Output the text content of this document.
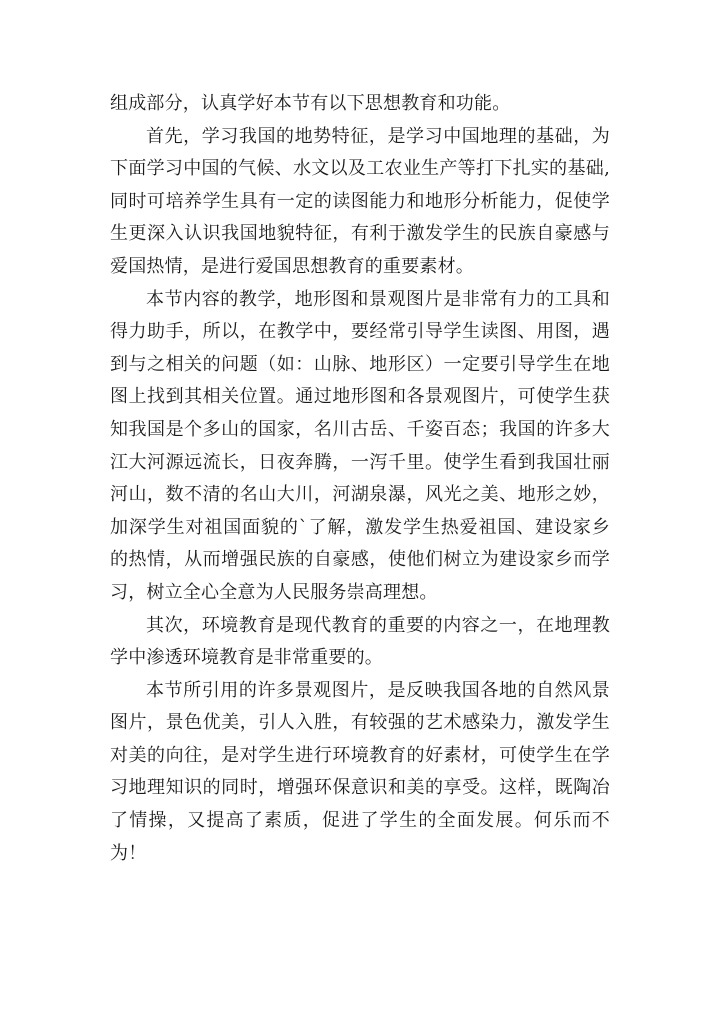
组成部分，认真学好本节有以下思想教育和功能。

首先，学习我国的地势特征，是学习中国地理的基础，为下面学习中国的气候、水文以及工农业生产等打下扎实的基础,同时可培养学生具有一定的读图能力和地形分析能力，促使学生更深入认识我国地貌特征，有利于激发学生的民族自豪感与爱国热情，是进行爱国思想教育的重要素材。

本节内容的教学，地形图和景观图片是非常有力的工具和得力助手，所以，在教学中，要经常引导学生读图、用图，遇到与之相关的问题（如：山脉、地形区）一定要引导学生在地图上找到其相关位置。通过地形图和各景观图片，可使学生获知我国是个多山的国家，名川古岳、千姿百态；我国的许多大江大河源远流长，日夜奔腾，一泻千里。使学生看到我国壮丽河山，数不清的名山大川，河湖泉瀑，风光之美、地形之妙，加深学生对祖国面貌的`了解，激发学生热爱祖国、建设家乡的热情，从而增强民族的自豪感，使他们树立为建设家乡而学习，树立全心全意为人民服务崇高理想。

其次，环境教育是现代教育的重要的内容之一，在地理教学中渗透环境教育是非常重要的。

本节所引用的许多景观图片，是反映我国各地的自然风景图片，景色优美，引人入胜，有较强的艺术感染力，激发学生对美的向往，是对学生进行环境教育的好素材，可使学生在学习地理知识的同时，增强环保意识和美的享受。这样，既陶冶了情操，又提高了素质，促进了学生的全面发展。何乐而不为！
